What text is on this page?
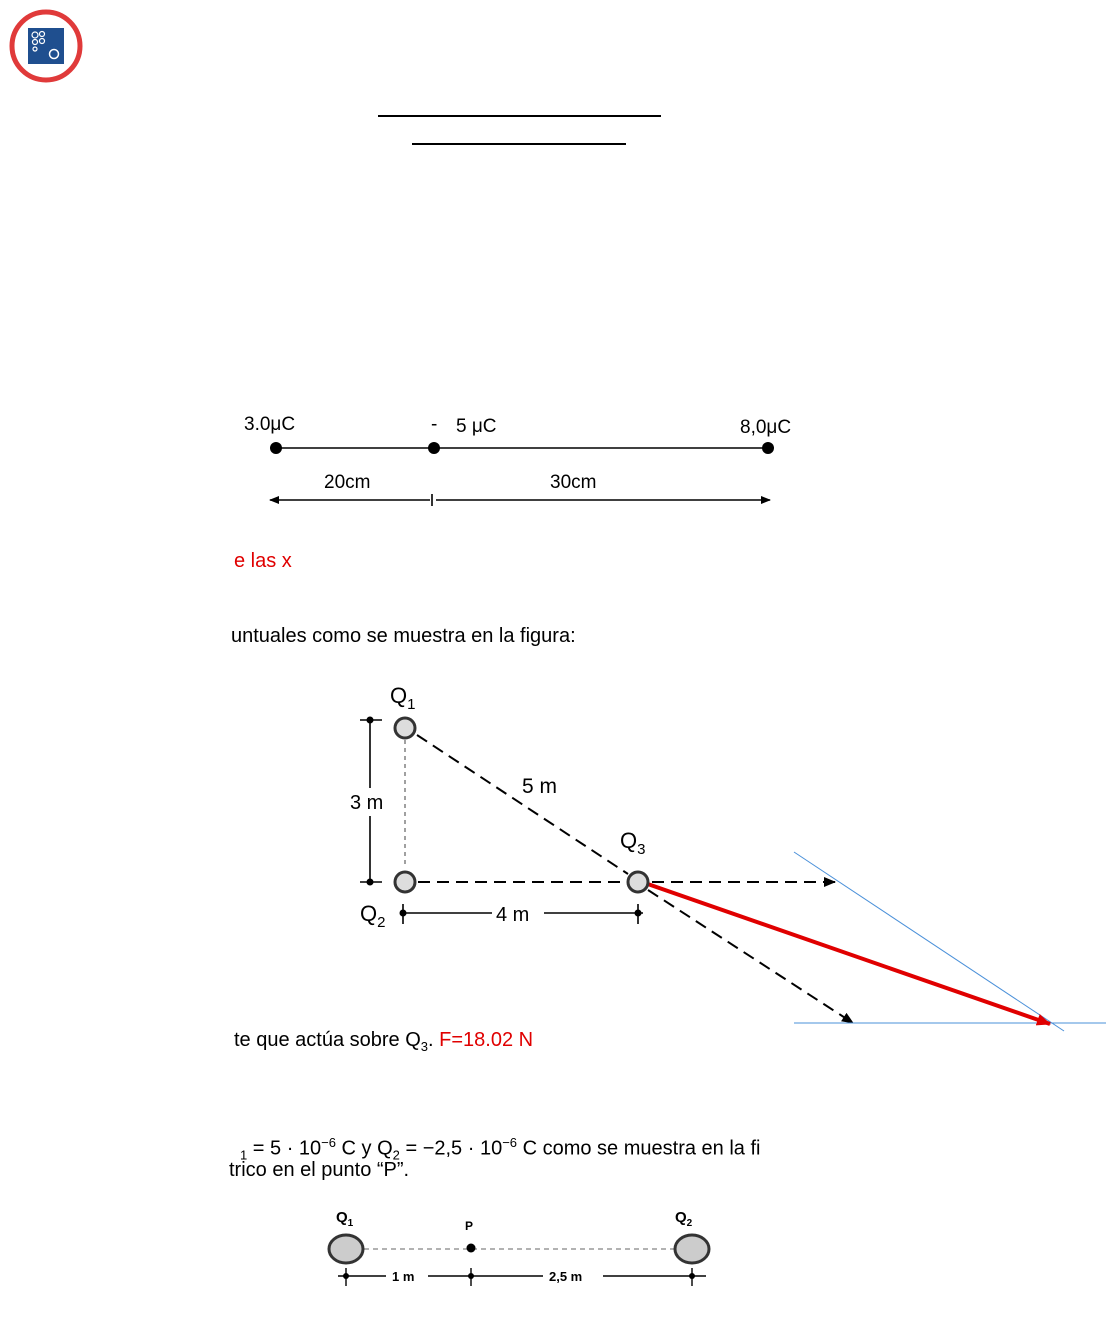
3.0μC	- 5 μC	8,0μC
20cm	30cm
e las x
untuales como se muestra en la figura:
$Q_1$
3 m
5 m
$Q_3$
$Q_2$	4 m
te que actúa sobre $Q_3$. F=18.02 N
$_1 = 5 \cdot 10^{-6}$ C y $Q_2 = -2,5 \cdot 10^{-6}$ C como se muestra en la fi
trico en el punto “P”.
$Q_1$	P	$Q_2$
1 m	2,5 m
